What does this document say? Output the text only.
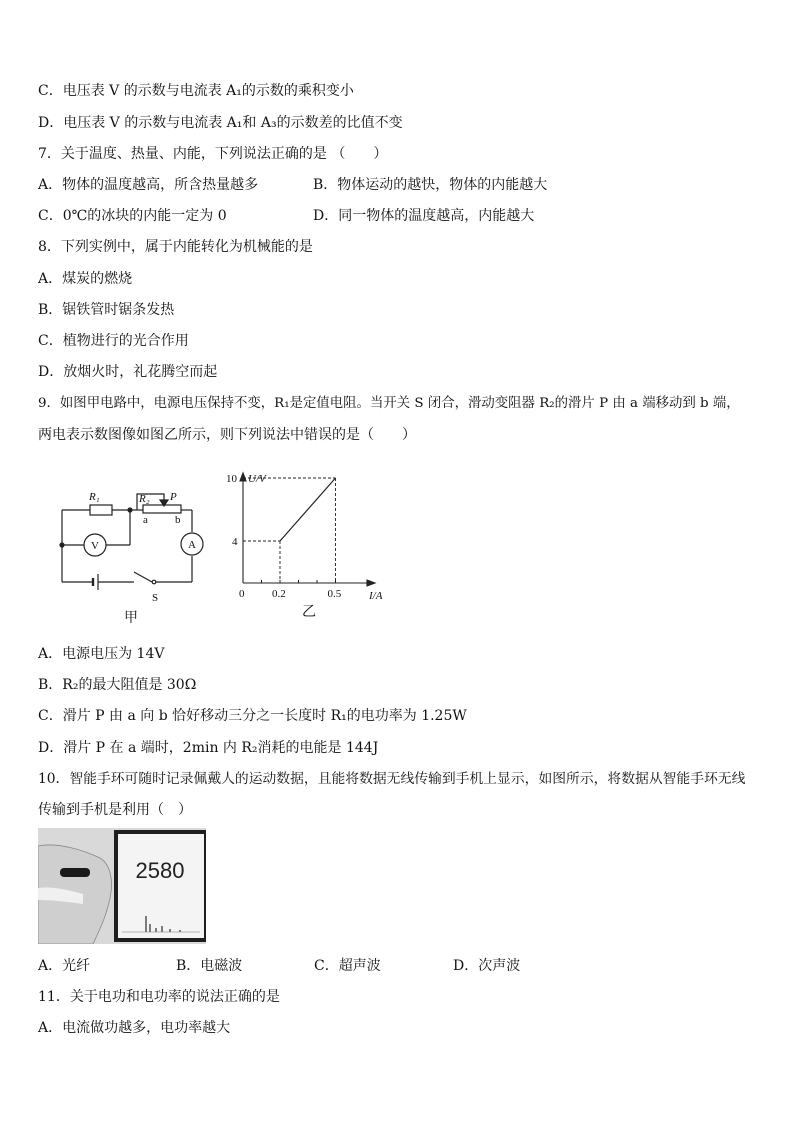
C．电压表 V 的示数与电流表 A₁的示数的乘积变小
D．电压表 V 的示数与电流表 A₁和 A₃的示数差的比值不变
7．关于温度、热量、内能，下列说法正确的是 （　　）
A．物体的温度越高，所含热量越多	B．物体运动的越快，物体的内能越大
C．0℃的冰块的内能一定为 0	D．同一物体的温度越高，内能越大
8．下列实例中，属于内能转化为机械能的是
A．煤炭的燃烧
B．锯铁管时锯条发热
C．植物进行的光合作用
D．放烟火时，礼花腾空而起
9．如图甲电路中，电源电压保持不变，R₁是定值电阻。当开关 S 闭合，滑动变阻器 R₂的滑片 P 由 a 端移动到 b 端，
两电表示数图像如图乙所示，则下列说法中错误的是（　　）
R₁	R₂ P
a b
V	A
S
甲
U/V
I/A
0	0.2	0.5
4
10
乙
A．电源电压为 14V
B．R₂的最大阻值是 30Ω
C．滑片 P 由 a 向 b 恰好移动三分之一长度时 R₁的电功率为 1.25W
D．滑片 P 在 a 端时，2min 内 R₂消耗的电能是 144J
10．智能手环可随时记录佩戴人的运动数据，且能将数据无线传输到手机上显示，如图所示，将数据从智能手环无线
传输到手机是利用（　）
2580
A．光纤	B．电磁波	C．超声波	D．次声波
11．关于电功和电功率的说法正确的是
A．电流做功越多，电功率越大
